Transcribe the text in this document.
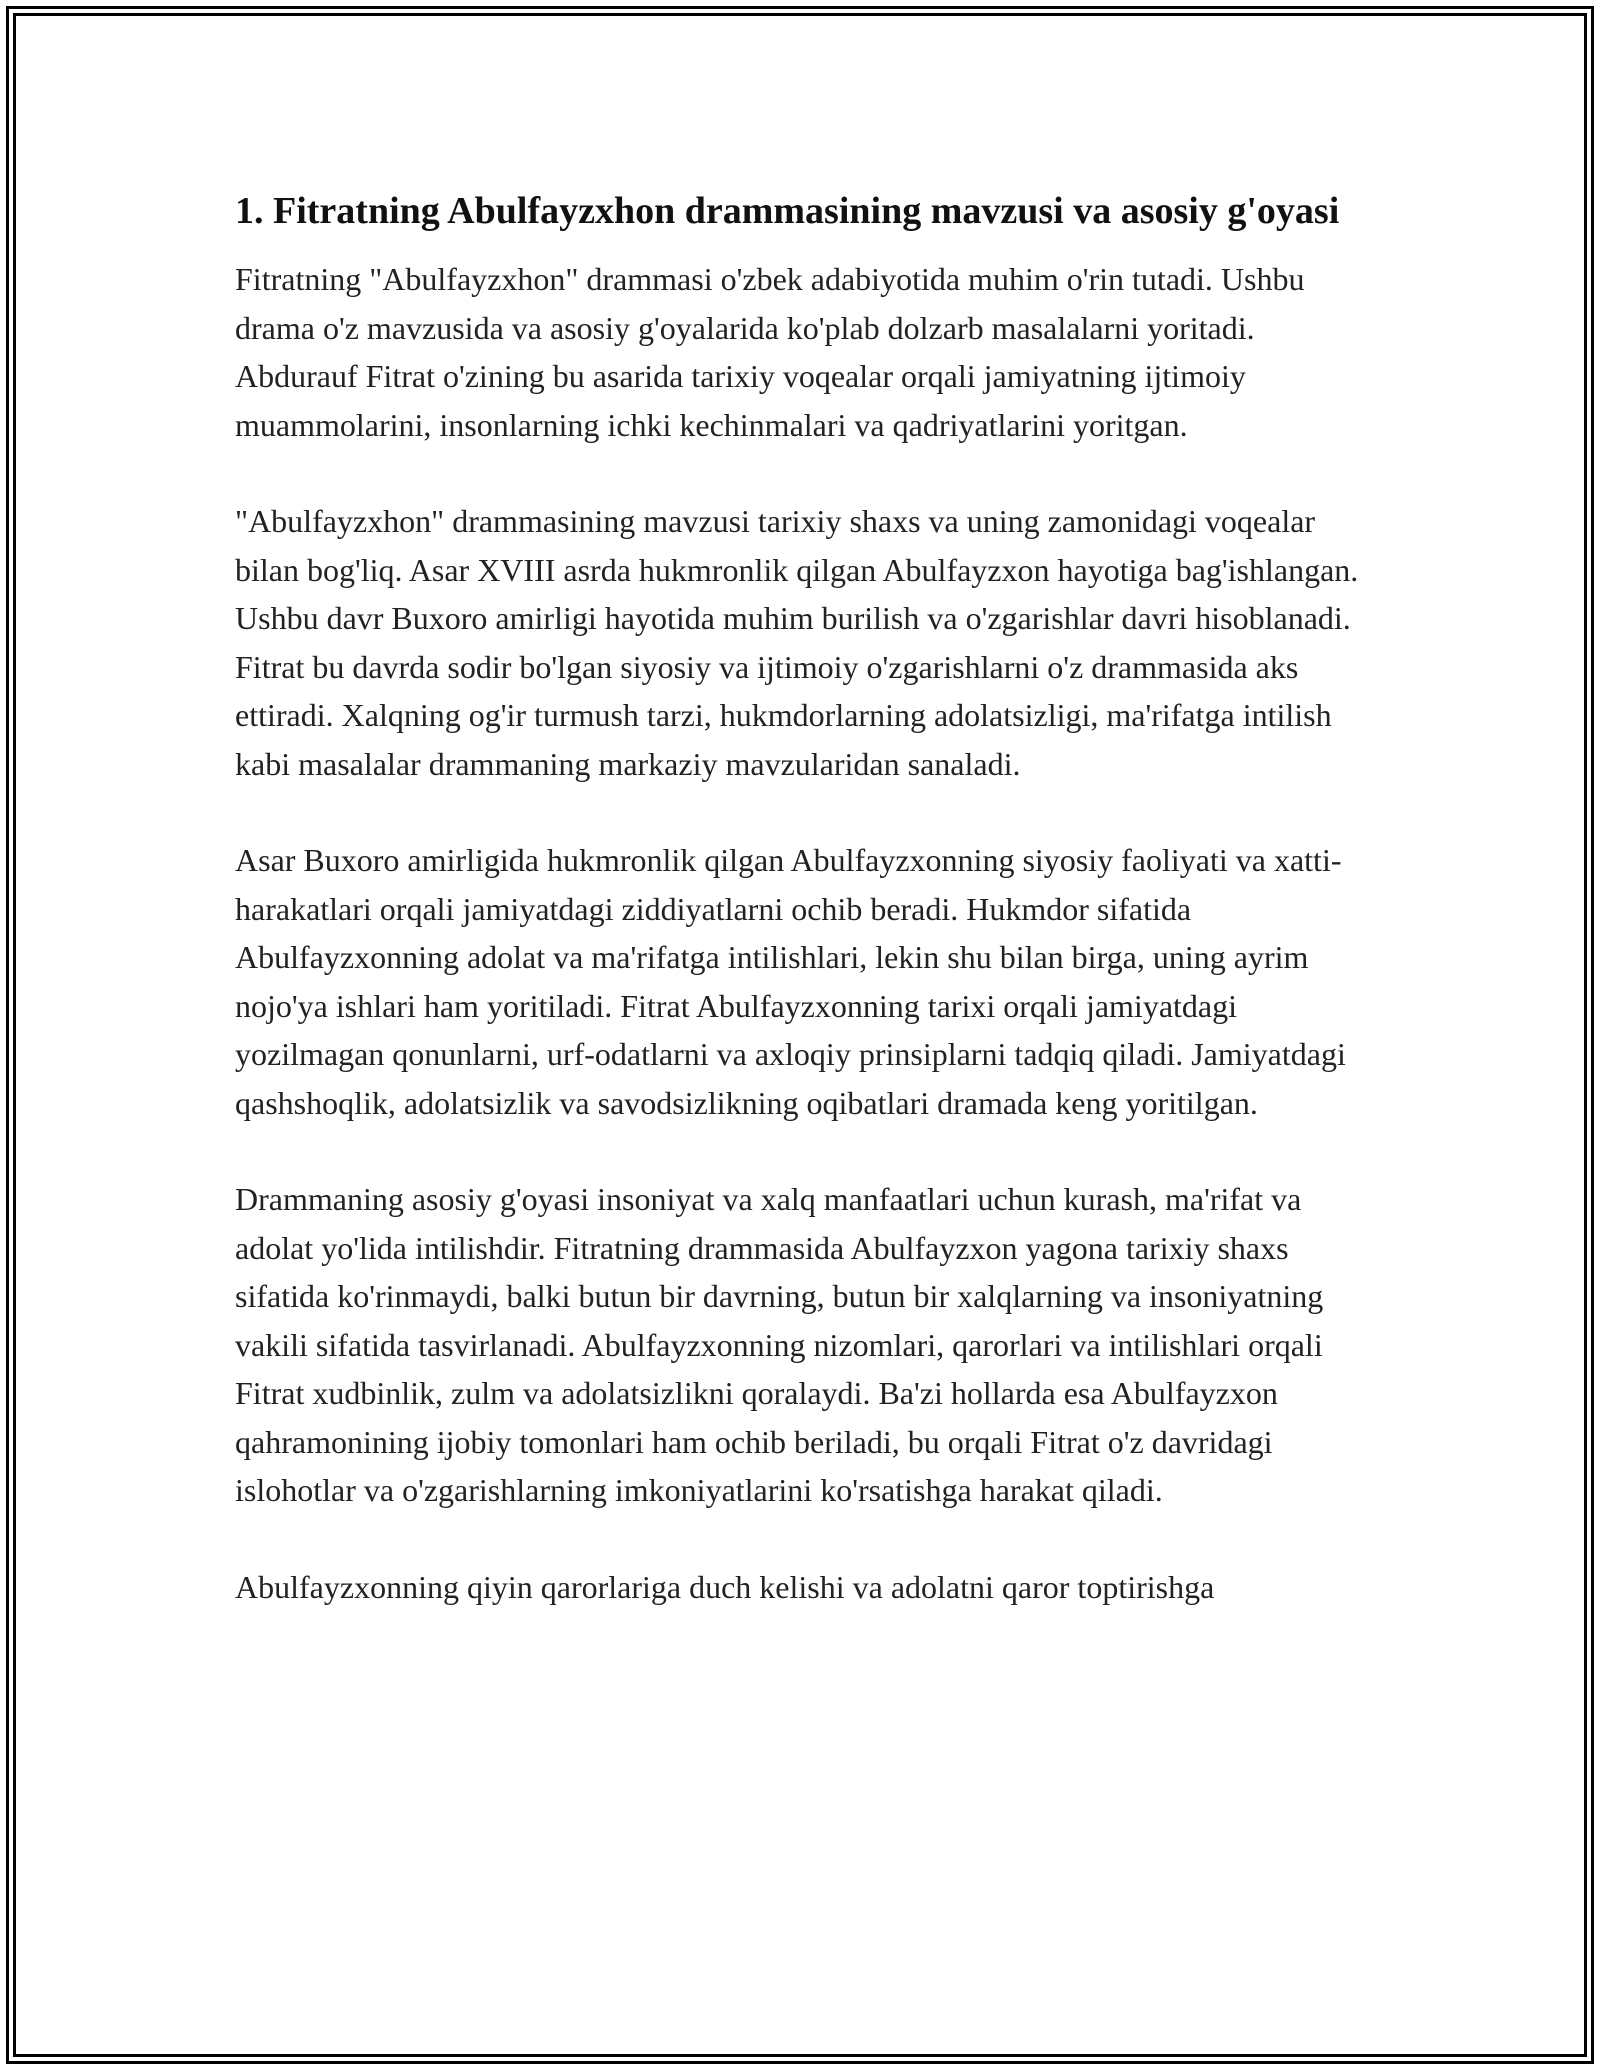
1. Fitratning Abulfayzxhon drammasining mavzusi va asosiy g'oyasi

Fitratning "Abulfayzxhon" drammasi o'zbek adabiyotida muhim o'rin tutadi. Ushbu drama o'z mavzusida va asosiy g'oyalarida ko'plab dolzarb masalalarni yoritadi. Abdurauf Fitrat o'zining bu asarida tarixiy voqealar orqali jamiyatning ijtimoiy muammolarini, insonlarning ichki kechinmalari va qadriyatlarini yoritgan.

"Abulfayzxhon" drammasining mavzusi tarixiy shaxs va uning zamonidagi voqealar bilan bog'liq. Asar XVIII asrda hukmronlik qilgan Abulfayzxon hayotiga bag'ishlangan. Ushbu davr Buxoro amirligi hayotida muhim burilish va o'zgarishlar davri hisoblanadi. Fitrat bu davrda sodir bo'lgan siyosiy va ijtimoiy o'zgarishlarni o'z drammasida aks ettiradi. Xalqning og'ir turmush tarzi, hukmdorlarning adolatsizligi, ma'rifatga intilish kabi masalalar drammaning markaziy mavzularidan sanaladi.

Asar Buxoro amirligida hukmronlik qilgan Abulfayzxonning siyosiy faoliyati va xatti-harakatlari orqali jamiyatdagi ziddiyatlarni ochib beradi. Hukmdor sifatida Abulfayzxonning adolat va ma'rifatga intilishlari, lekin shu bilan birga, uning ayrim nojo'ya ishlari ham yoritiladi. Fitrat Abulfayzxonning tarixi orqali jamiyatdagi yozilmagan qonunlarni, urf-odatlarni va axloqiy prinsiplarni tadqiq qiladi. Jamiyatdagi qashshoqlik, adolatsizlik va savodsizlikning oqibatlari dramada keng yoritilgan.

Drammaning asosiy g'oyasi insoniyat va xalq manfaatlari uchun kurash, ma'rifat va adolat yo'lida intilishdir. Fitratning drammasida Abulfayzxon yagona tarixiy shaxs sifatida ko'rinmaydi, balki butun bir davrning, butun bir xalqlarning va insoniyatning vakili sifatida tasvirlanadi. Abulfayzxonning nizomlari, qarorlari va intilishlari orqali Fitrat xudbinlik, zulm va adolatsizlikni qoralaydi. Ba'zi hollarda esa Abulfayzxon qahramonining ijobiy tomonlari ham ochib beriladi, bu orqali Fitrat o'z davridagi islohotlar va o'zgarishlarning imkoniyatlarini ko'rsatishga harakat qiladi.

Abulfayzxonning qiyin qarorlariga duch kelishi va adolatni qaror toptirishga
